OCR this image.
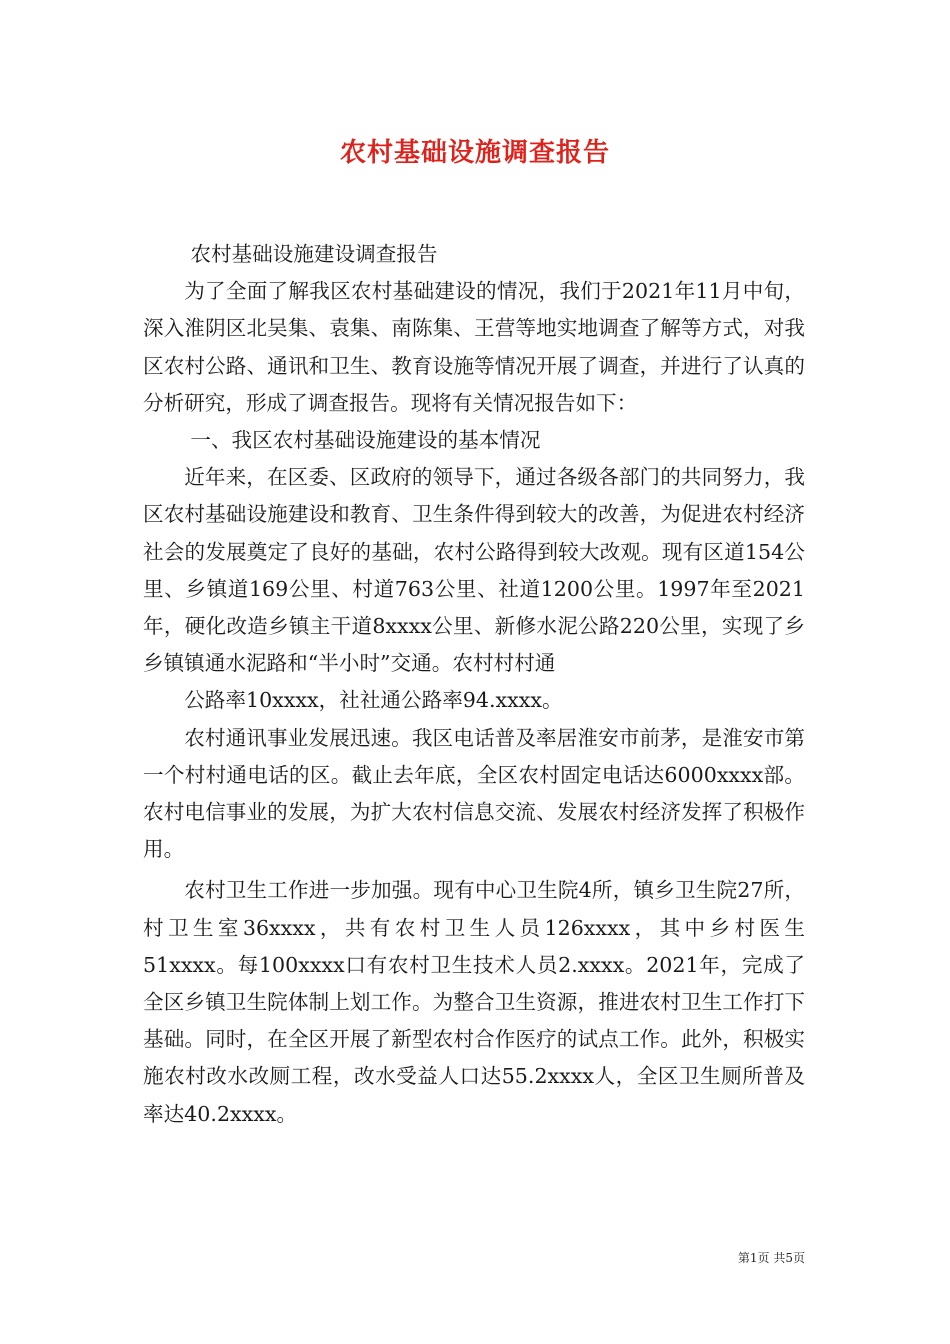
农村基础设施调查报告

农村基础设施建设调查报告

为了全面了解我区农村基础建设的情况，我们于2021年11月中旬，深入淮阴区北吴集、袁集、南陈集、王营等地实地调查了解等方式，对我区农村公路、通讯和卫生、教育设施等情况开展了调查，并进行了认真的分析研究，形成了调查报告。现将有关情况报告如下：

一、我区农村基础设施建设的基本情况

近年来，在区委、区政府的领导下，通过各级各部门的共同努力，我区农村基础设施建设和教育、卫生条件得到较大的改善，为促进农村经济社会的发展奠定了良好的基础，农村公路得到较大改观。现有区道154公里、乡镇道169公里、村道763公里、社道1200公里。1997年至2021年，硬化改造乡镇主干道8xxxx公里、新修水泥公路220公里，实现了乡乡镇镇通水泥路和“半小时”交通。农村村村通

公路率10xxxx，社社通公路率94.xxxx。

农村通讯事业发展迅速。我区电话普及率居淮安市前茅，是淮安市第一个村村通电话的区。截止去年底，全区农村固定电话达6000xxxx部。农村电信事业的发展，为扩大农村信息交流、发展农村经济发挥了积极作用。

农村卫生工作进一步加强。现有中心卫生院4所，镇乡卫生院27所，村卫生室36xxxx，共有农村卫生人员126xxxx，其中乡村医生51xxxx。每100xxxx口有农村卫生技术人员2.xxxx。2021年，完成了全区乡镇卫生院体制上划工作。为整合卫生资源，推进农村卫生工作打下基础。同时，在全区开展了新型农村合作医疗的试点工作。此外，积极实施农村改水改厕工程，改水受益人口达55.2xxxx人，全区卫生厕所普及率达40.2xxxx。

第1页 共5页
